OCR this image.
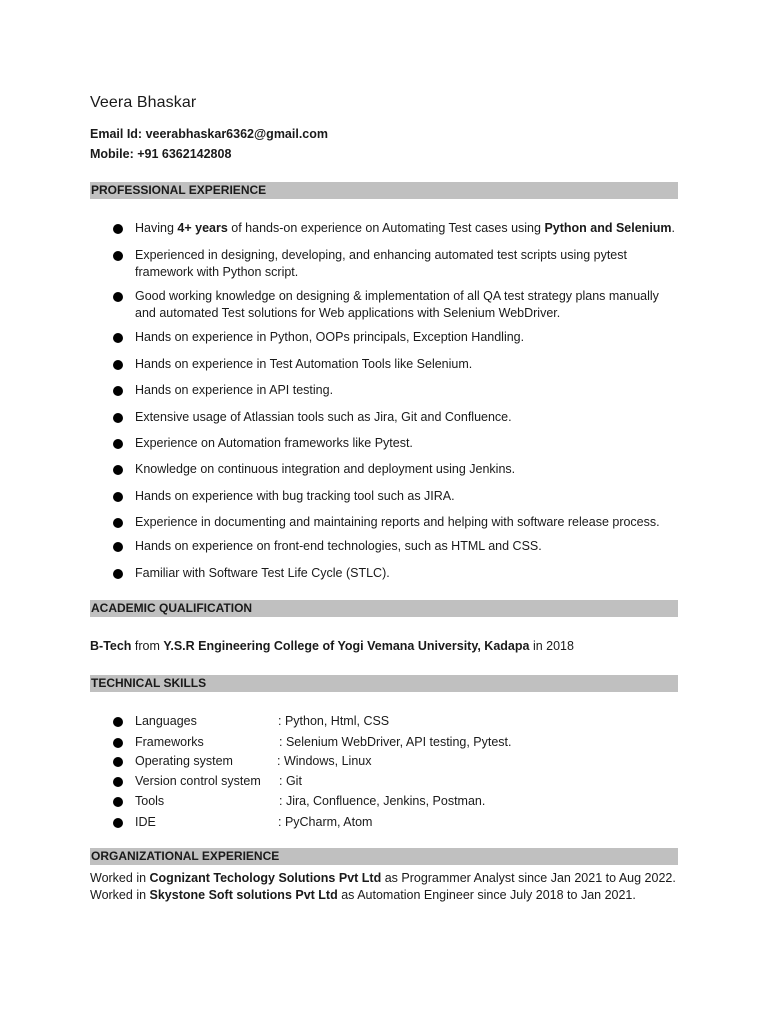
Veera Bhaskar
Email Id: veerabhaskar6362@gmail.com
Mobile: +91 6362142808
PROFESSIONAL EXPERIENCE
Having 4+ years of hands-on experience on Automating Test cases using Python and Selenium.
Experienced in designing, developing, and enhancing automated test scripts using pytest framework with Python script.
Good working knowledge on designing & implementation of all QA test strategy plans manually and automated Test solutions for Web applications with Selenium WebDriver.
Hands on experience in Python, OOPs principals, Exception Handling.
Hands on experience in Test Automation Tools like Selenium.
Hands on experience in API testing.
Extensive usage of Atlassian tools such as Jira, Git and Confluence.
Experience on Automation frameworks like Pytest.
Knowledge on continuous integration and deployment using Jenkins.
Hands on experience with bug tracking tool such as JIRA.
Experience in documenting and maintaining reports and helping with software release process.
Hands on experience on front-end technologies, such as HTML and CSS.
Familiar with Software Test Life Cycle (STLC).
ACADEMIC QUALIFICATION
B-Tech from Y.S.R Engineering College of Yogi Vemana University, Kadapa in 2018
TECHNICAL SKILLS
Languages	: Python, Html, CSS
Frameworks	: Selenium WebDriver, API testing, Pytest.
Operating system	: Windows, Linux
Version control system : Git
Tools	: Jira, Confluence, Jenkins, Postman.
IDE	: PyCharm, Atom
ORGANIZATIONAL EXPERIENCE
Worked in Cognizant Techology Solutions Pvt Ltd as Programmer Analyst since Jan 2021 to Aug 2022.
Worked in Skystone Soft solutions Pvt Ltd as Automation Engineer since July 2018 to Jan 2021.
